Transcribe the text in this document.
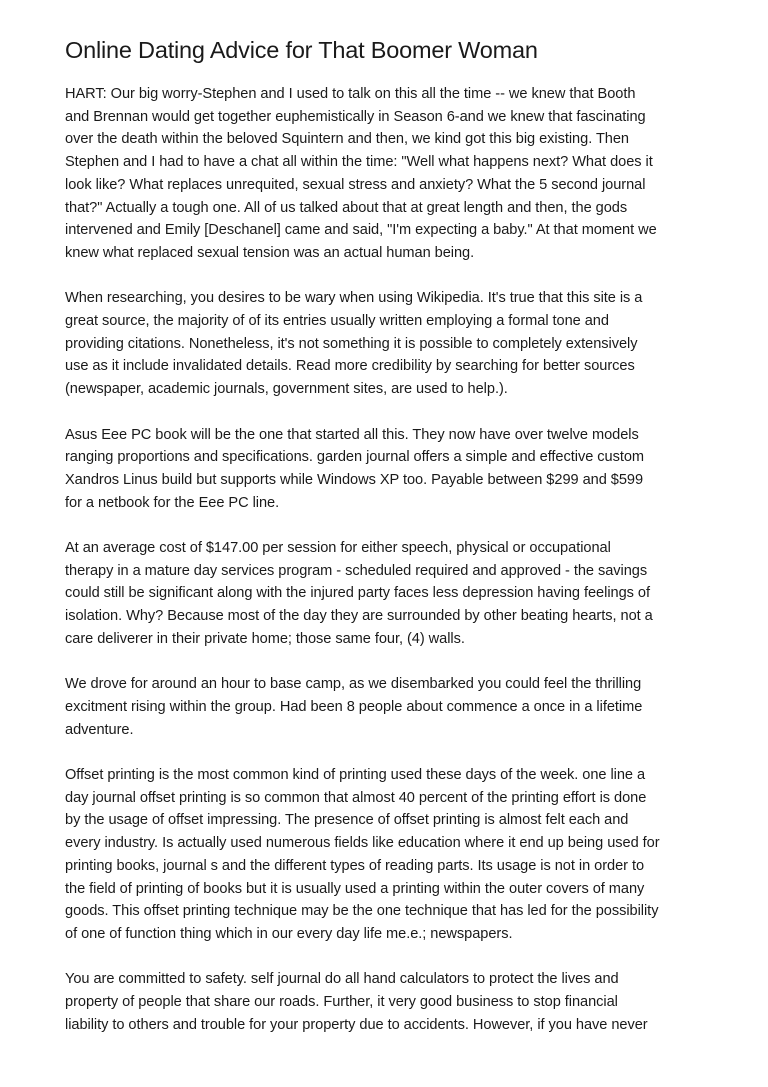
Online Dating Advice for That Boomer Woman

HART: Our big worry-Stephen and I used to talk on this all the time -- we knew that Booth
and Brennan would get together euphemistically in Season 6-and we knew that fascinating
over the death within the beloved Squintern and then, we kind got this big existing. Then
Stephen and I had to have a chat all within the time: "Well what happens next? What does it
look like? What replaces unrequited, sexual stress and anxiety? What the 5 second journal
that?" Actually a tough one. All of us talked about that at great length and then, the gods
intervened and Emily [Deschanel] came and said, "I'm expecting a baby." At that moment we
knew what replaced sexual tension was an actual human being.

When researching, you desires to be wary when using Wikipedia. It's true that this site is a
great source, the majority of of its entries usually written employing a formal tone and
providing citations. Nonetheless, it's not something it is possible to completely extensively
use as it include invalidated details. Read more credibility by searching for better sources
(newspaper, academic journals, government sites, are used to help.).

Asus Eee PC book will be the one that started all this. They now have over twelve models
ranging proportions and specifications. garden journal offers a simple and effective custom
Xandros Linus build but supports while Windows XP too. Payable between $299 and $599
for a netbook for the Eee PC line.

At an average cost of $147.00 per session for either speech, physical or occupational
therapy in a mature day services program - scheduled required and approved - the savings
could still be significant along with the injured party faces less depression having feelings of
isolation. Why? Because most of the day they are surrounded by other beating hearts, not a
care deliverer in their private home; those same four, (4) walls.

We drove for around an hour to base camp, as we disembarked you could feel the thrilling
excitment rising within the group. Had been 8 people about commence a once in a lifetime
adventure.

Offset printing is the most common kind of printing used these days of the week. one line a
day journal offset printing is so common that almost 40 percent of the printing effort is done
by the usage of offset impressing. The presence of offset printing is almost felt each and
every industry. Is actually used numerous fields like education where it end up being used for
printing books, journal s and the different types of reading parts. Its usage is not in order to
the field of printing of books but it is usually used a printing within the outer covers of many
goods. This offset printing technique may be the one technique that has led for the possibility
of one of function thing which in our every day life me.e.; newspapers.

You are committed to safety. self journal do all hand calculators to protect the lives and
property of people that share our roads. Further, it very good business to stop financial
liability to others and trouble for your property due to accidents. However, if you have never
